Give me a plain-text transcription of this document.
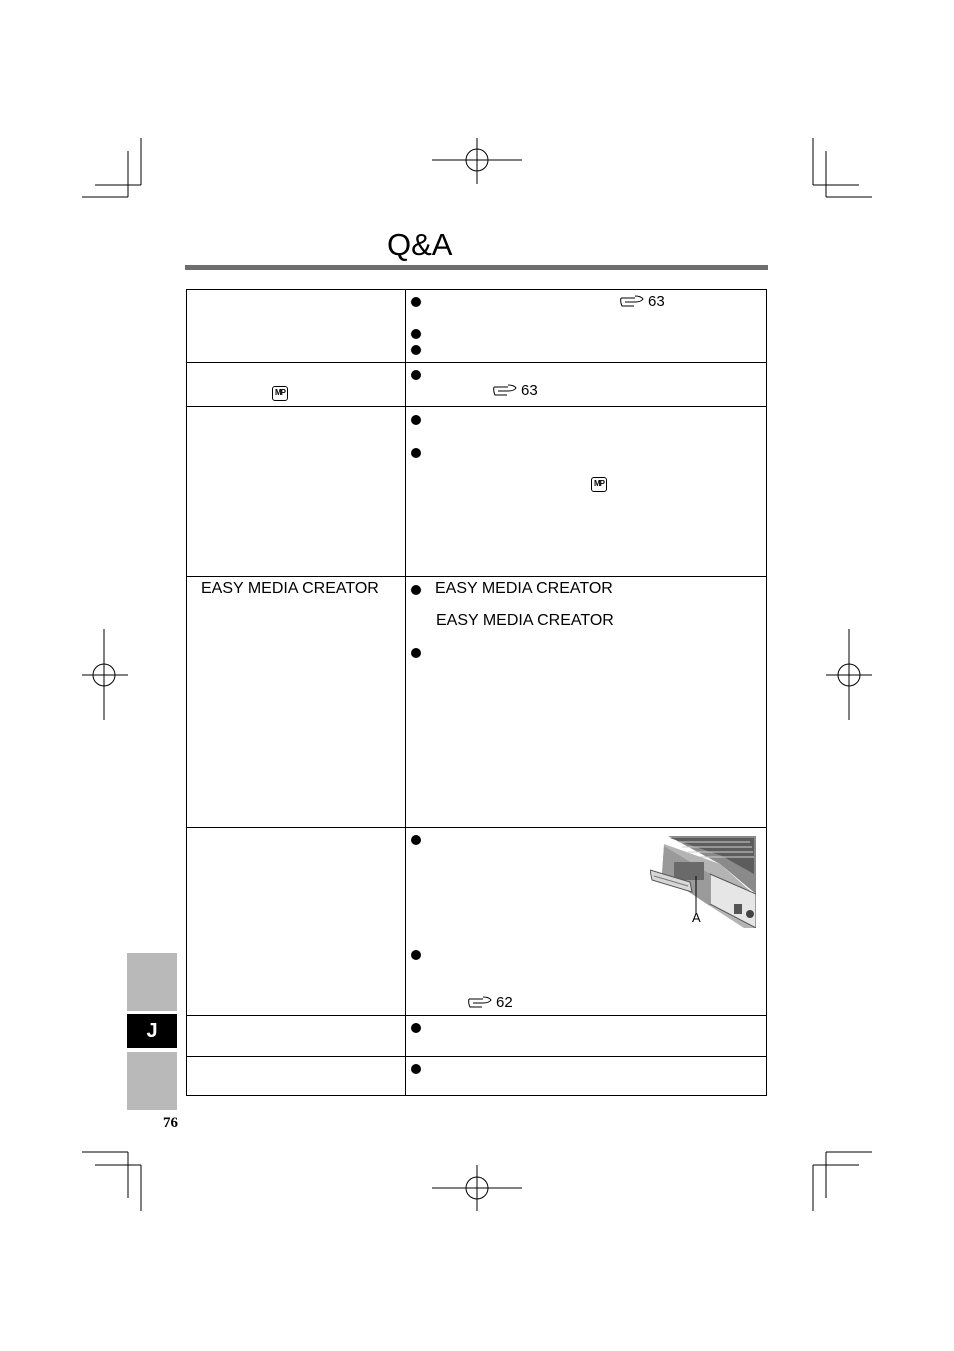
Q&A
J
76
63
MP	63
MP
EASY MEDIA CREATOR	EASY MEDIA CREATOR
EASY MEDIA CREATOR
A
62
